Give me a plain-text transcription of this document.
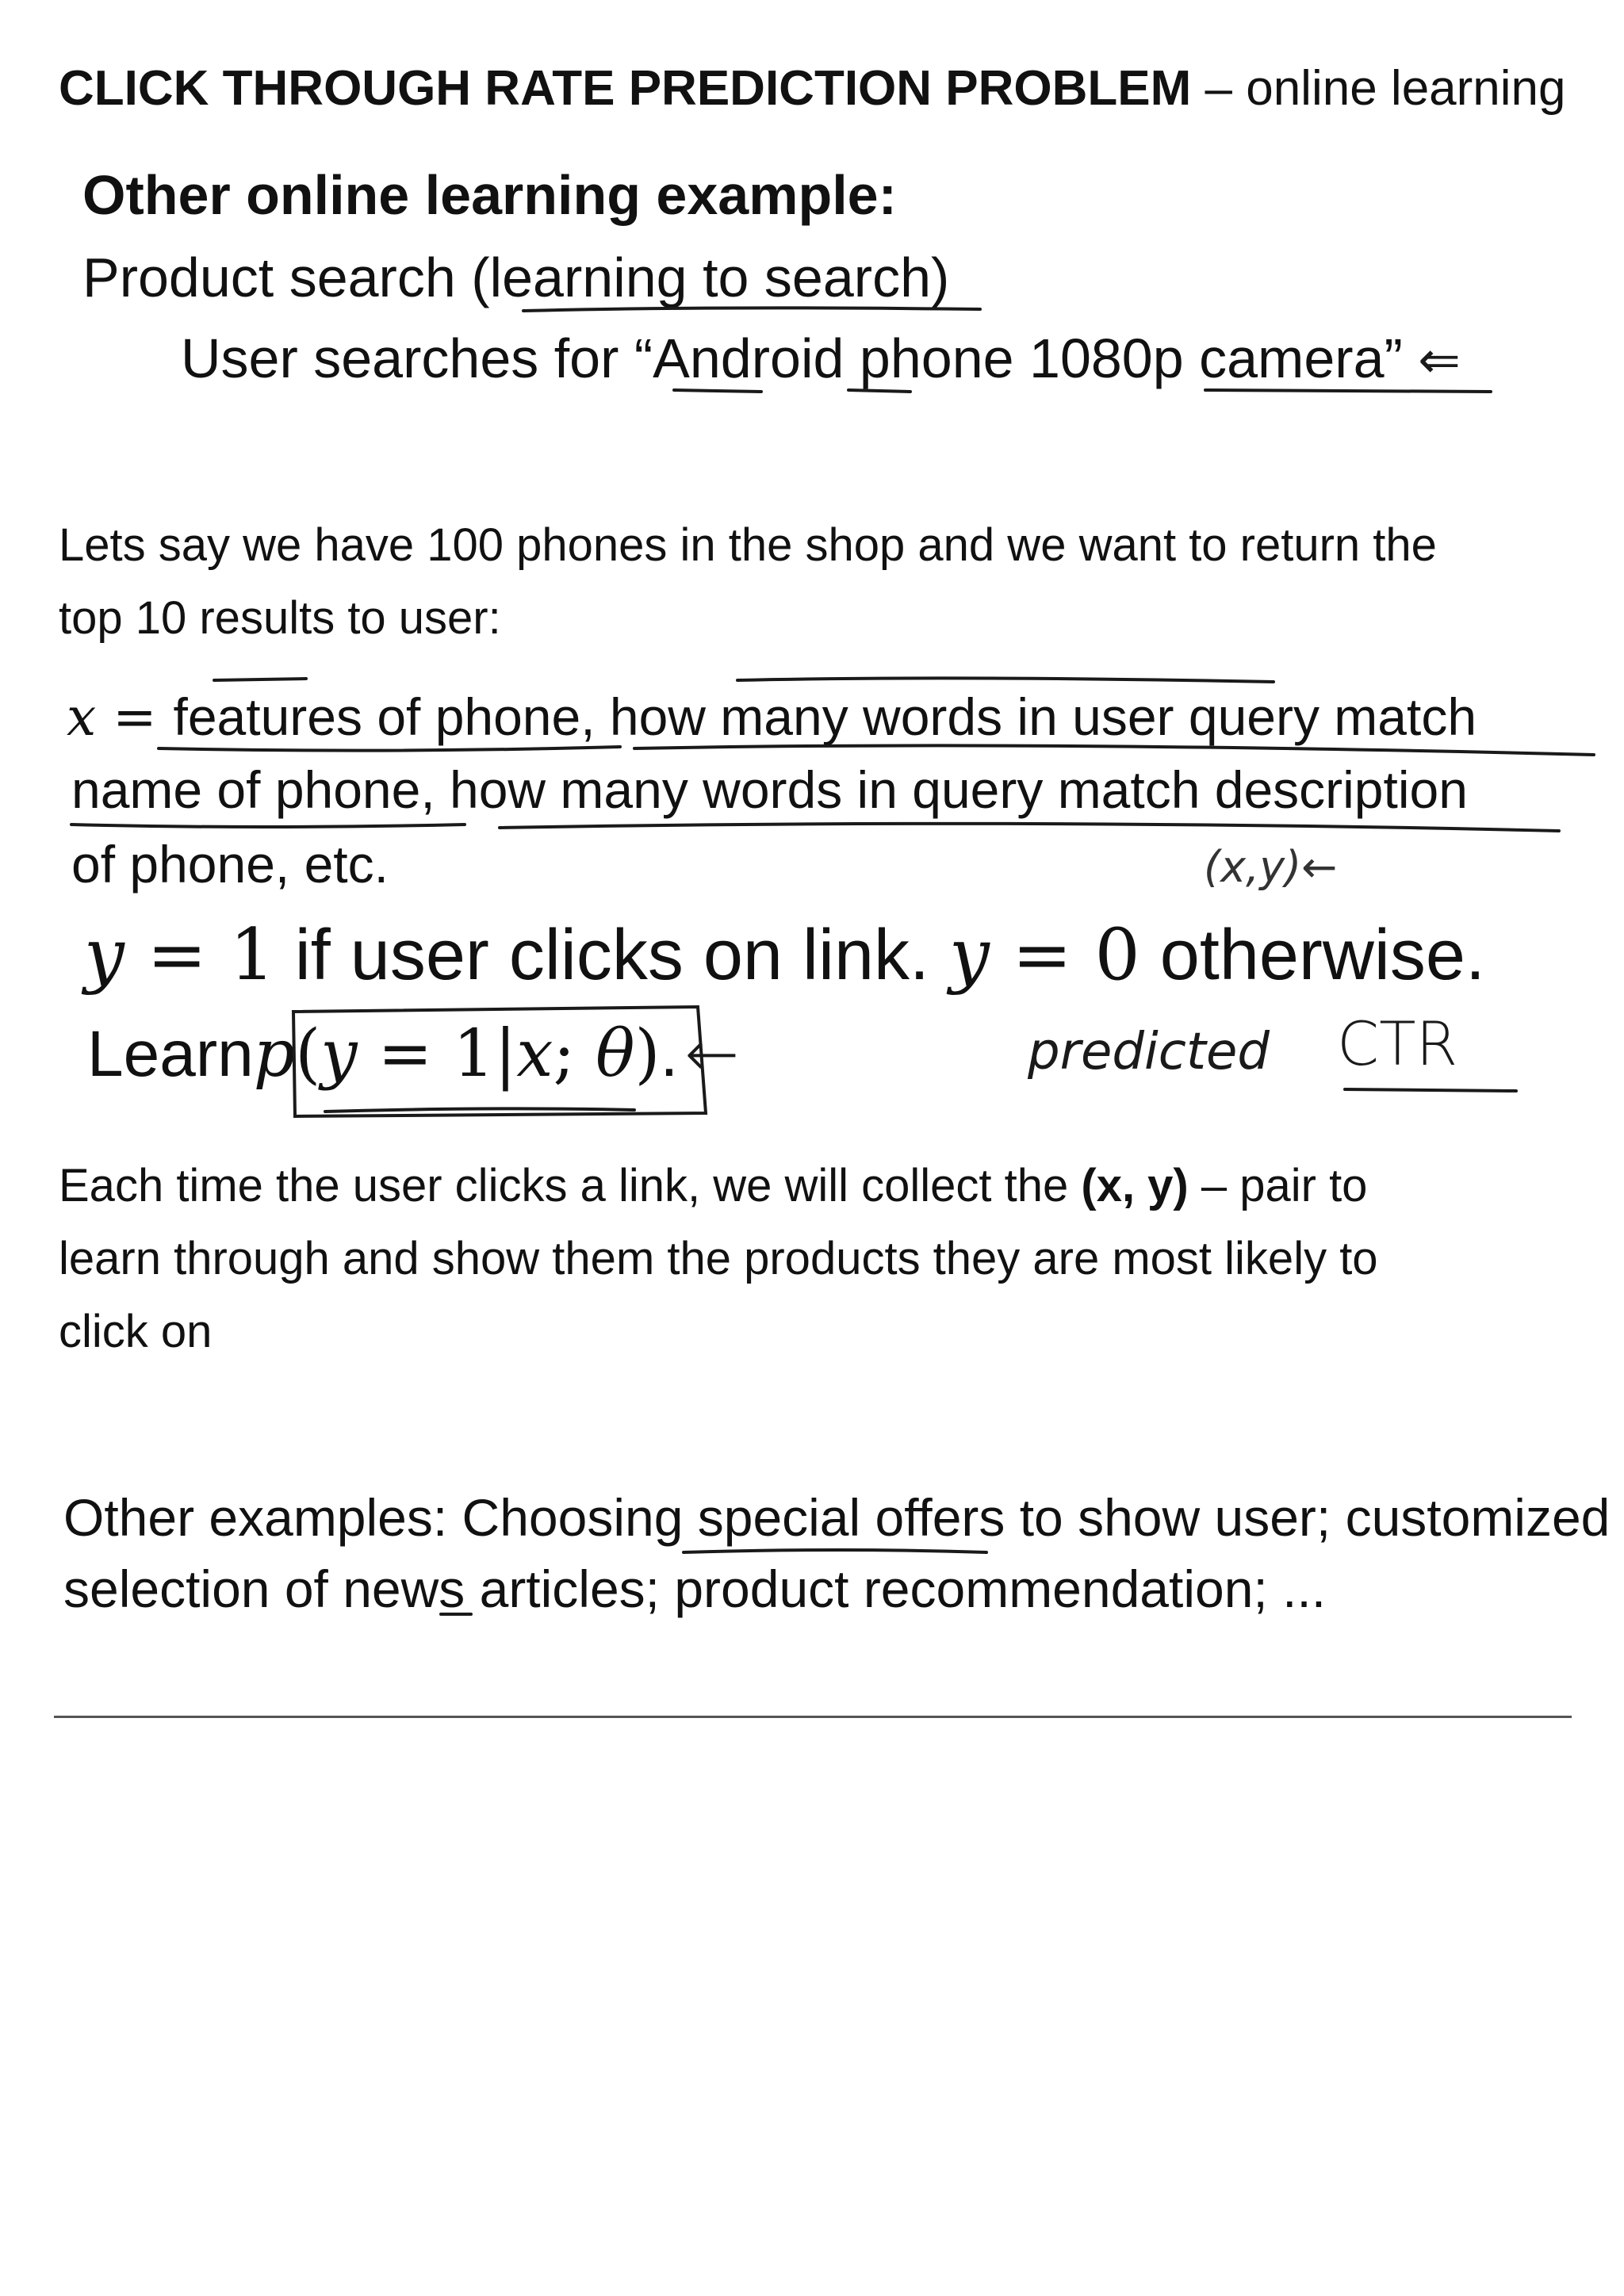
CLICK THROUGH RATE PREDICTION PROBLEM – online learning
Other online learning example:
Product search (learning to search)
User searches for “Android phone 1080p camera” ⇐
Lets say we have 100 phones in the shop and we want to return the
top 10 results to user:
x = features of phone, how many words in user query match
name of phone, how many words in query match description
of phone, etc.	(x,y)←
y = 1 if user clicks on link. y = 0 otherwise.
Learnp(y = 1|x; θ).←	predicted CTR
Each time the user clicks a link, we will collect the (x, y) – pair to
learn through and show them the products they are most likely to
click on
Other examples: Choosing special offers to show user; customized
selection of news articles; product recommendation; ...
